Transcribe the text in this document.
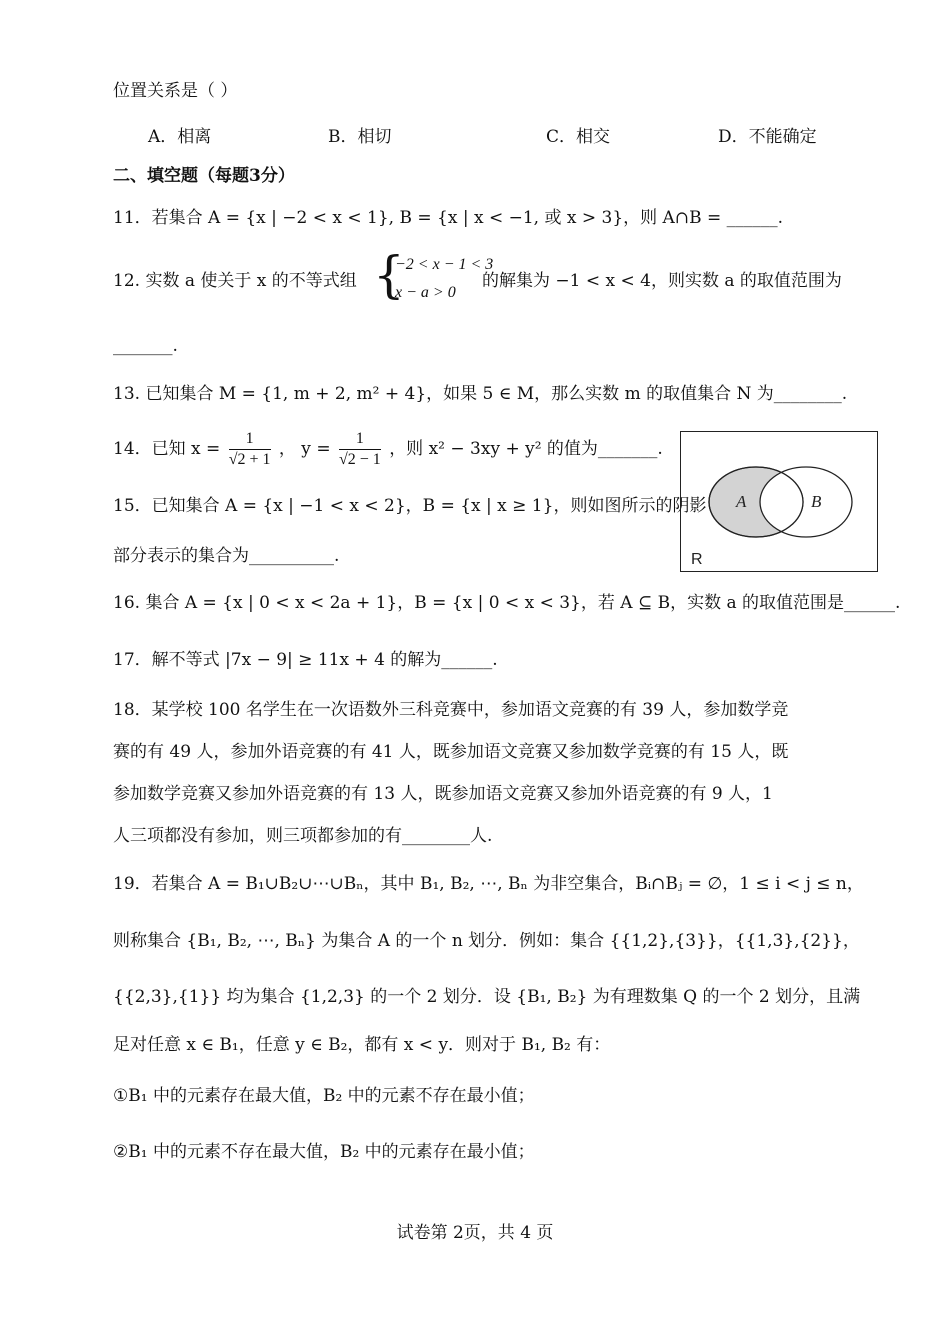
位置关系是（ ）
A．相离	B．相切	C．相交	D．不能确定
二、填空题（每题3分）
11．若集合 A = {x | −2 < x < 1}, B = {x | x < −1, 或 x > 3}，则 A∩B = ______.
12. 实数 a 使关于 x 的不等式组 {
−2 < x − 1 < 3
x − a > 0
的解集为 −1 < x < 4，则实数 a 的取值范围为
_______.
13. 已知集合 M = {1, m + 2, m² + 4}，如果 5 ∈ M，那么实数 m 的取值集合 N 为________.
14．已知 $x = \frac{1}{√2 + 1}$ ， $y = \frac{1}{√2 - 1}$ ，则 x² − 3xy + y² 的值为_______.
15．已知集合 A = {x | −1 < x < 2}，B = {x | x ≥ 1}，则如图所示的阴影
部分表示的集合为__________.
A	B
R
16. 集合 A = {x | 0 < x < 2a + 1}，B = {x | 0 < x < 3}，若 A ⊆ B，实数 a 的取值范围是______.
17．解不等式 |7x − 9| ≥ 11x + 4 的解为______.
18．某学校 100 名学生在一次语数外三科竞赛中，参加语文竞赛的有 39 人，参加数学竞
赛的有 49 人，参加外语竞赛的有 41 人，既参加语文竞赛又参加数学竞赛的有 15 人，既
参加数学竞赛又参加外语竞赛的有 13 人，既参加语文竞赛又参加外语竞赛的有 9 人，1
人三项都没有参加，则三项都参加的有________人.
19．若集合 A = B₁∪B₂∪⋯∪Bₙ，其中 B₁, B₂, ⋯, Bₙ 为非空集合，Bᵢ∩Bⱼ = ∅，1 ≤ i < j ≤ n，
则称集合 {B₁, B₂, ⋯, Bₙ} 为集合 A 的一个 n 划分．例如：集合 {{1,2},{3}}，{{1,3},{2}}，
{{2,3},{1}} 均为集合 {1,2,3} 的一个 2 划分．设 {B₁, B₂} 为有理数集 Q 的一个 2 划分，且满
足对任意 x ∈ B₁，任意 y ∈ B₂，都有 x < y．则对于 B₁, B₂ 有：
①B₁ 中的元素存在最大值，B₂ 中的元素不存在最小值；
②B₁ 中的元素不存在最大值，B₂ 中的元素存在最小值；
试卷第 2页，共 4 页
